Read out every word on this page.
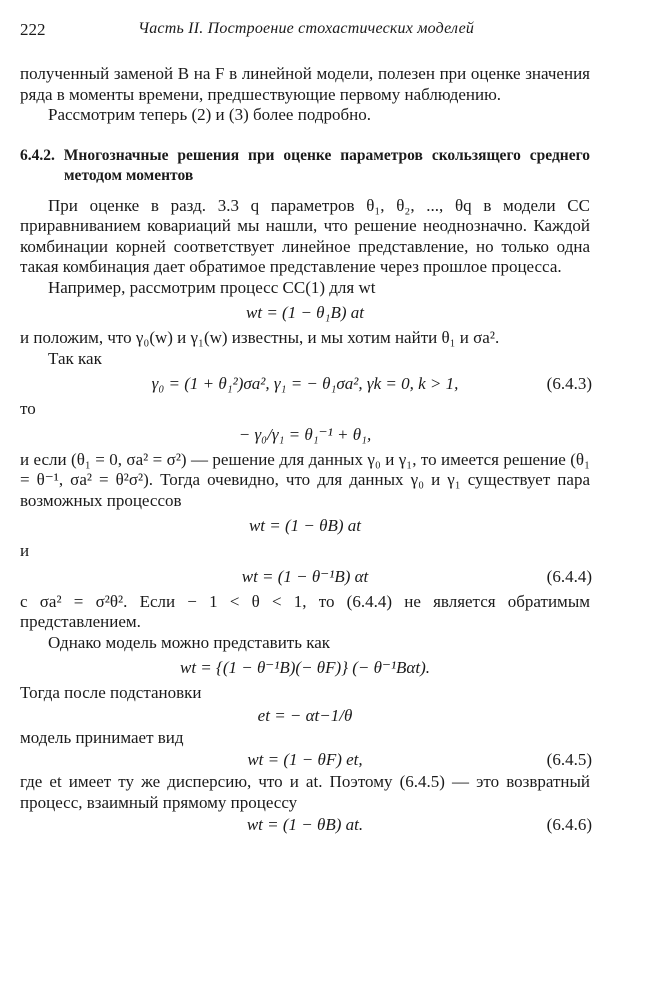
222	Часть II. Построение стохастических моделей

полученный заменой B на F в линейной модели, полезен при оценке значения ряда в моменты времени, предшествующие первому наблюдению.

Рассмотрим теперь (2) и (3) более подробно.

6.4.2. Многозначные решения при оценке параметров скользящего среднего методом моментов

При оценке в разд. 3.3 q параметров θ₁, θ₂, ..., θq в модели СС приравниванием ковариаций мы нашли, что решение неоднозначно. Каждой комбинации корней соответствует линейное представление, но только одна такая комбинация дает обратимое представление через прошлое процесса.

Например, рассмотрим процесс СС(1) для wt

wt = (1 − θ₁B) at

и положим, что γ₀(w) и γ₁(w) известны, и мы хотим найти θ₁ и σa².

Так как

γ₀ = (1 + θ₁²)σa², γ₁ = − θ₁σa², γk = 0, k > 1,	(6.4.3)

то

− γ₀/γ₁ = θ₁⁻¹ + θ₁,

и если (θ₁ = 0, σa² = σ²) — решение для данных γ₀ и γ₁, то имеется решение (θ₁ = θ⁻¹, σa² = θ²σ²). Тогда очевидно, что для данных γ₀ и γ₁ существует пара возможных процессов

wt = (1 − θB) at

и

wt = (1 − θ⁻¹B) αt	(6.4.4)

с σa² = σ²θ². Если − 1 < θ < 1, то (6.4.4) не является обратимым представлением.

Однако модель можно представить как

wt = {(1 − θ⁻¹B)(− θF)} (− θ⁻¹Bαt).

Тогда после подстановки

et = − αt−1/θ

модель принимает вид

wt = (1 − θF) et,	(6.4.5)

где et имеет ту же дисперсию, что и at. Поэтому (6.4.5) — это возвратный процесс, взаимный прямому процессу

wt = (1 − θB) at.	(6.4.6)
